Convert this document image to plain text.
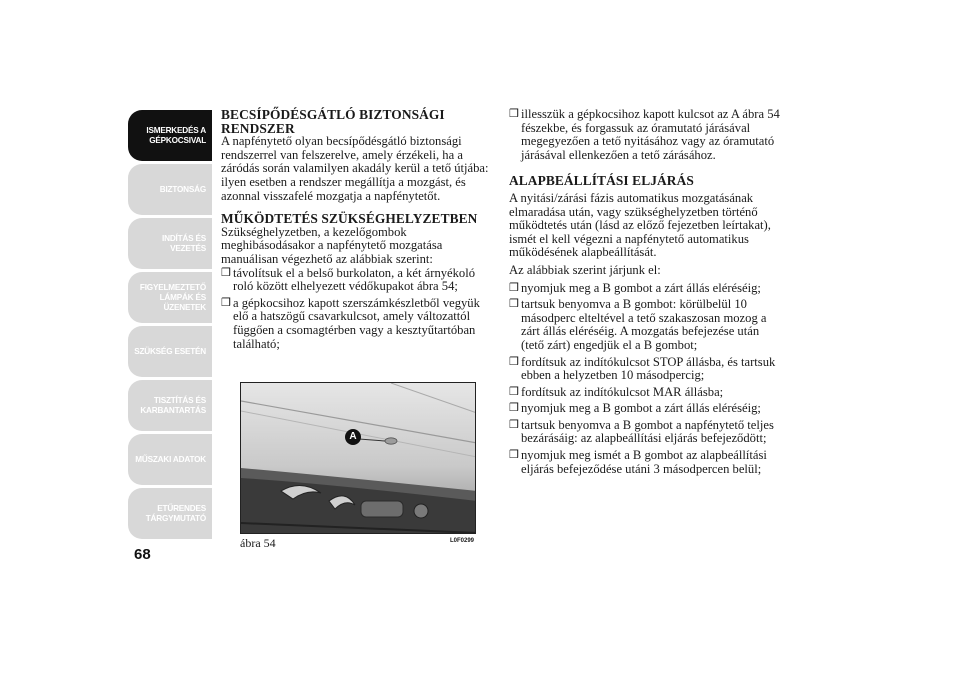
ISMERKEDÉS A
GÉPKOCSIVAL
BIZTONSÁG
INDÍTÁS ÉS
VEZETÉS
FIGYELMEZTETŐ
LÁMPÁK ÉS
ÜZENETEK
SZÜKSÉG ESETÉN
TISZTÍTÁS ÉS
KARBANTARTÁS
MŰSZAKI ADATOK
ETŰRENDES
TÁRGYMUTATÓ
68
BECSÍPŐDÉSGÁTLÓ BIZTONSÁGI RENDSZER

A napfénytető olyan becsípődésgátló biztonsági rendszerrel van felszerelve, amely érzékeli, ha a záródás során valamilyen akadály kerül a tető útjába: ilyen esetben a rendszer megállítja a mozgást, és azonnal visszafelé mozgatja a napfénytetőt.

MŰKÖDTETÉS SZÜKSÉGHELYZETBEN

Szükséghelyzetben, a kezelőgombok meghibásodásakor a napfénytető mozgatása manuálisan végezhető az alábbiak szerint:

❒ távolítsuk el a belső burkolaton, a két árnyékoló roló között elhelyezett védőkupakot ábra 54;
❒ a gépkocsihoz kapott szerszámkészletből vegyük elő a hatszögű csavarkulcsot, amely változattól függően a csomagtérben vagy a kesztyűtartóban található;
A
ábra 54	L0F0299
❒ illesszük a gépkocsihoz kapott kulcsot az A ábra 54 fészekbe, és forgassuk az óramutató járásával megegyezően a tető nyitásához vagy az óramutató járásával ellenkezően a tető zárásához.
ALAPBEÁLLÍTÁSI ELJÁRÁS

A nyitási/zárási fázis automatikus mozgatásának elmaradása után, vagy szükséghelyzetben történő működtetés után (lásd az előző fejezetben leírtakat), ismét el kell végezni a napfénytető automatikus működésének alapbeállítását.

Az alábbiak szerint járjunk el:

❒ nyomjuk meg a B gombot a zárt állás eléréséig;
❒ tartsuk benyomva a B gombot: körülbelül 10 másodperc elteltével a tető szakaszosan mozog a zárt állás eléréséig. A mozgatás befejezése után (tető zárt) engedjük el a B gombot;
❒ fordítsuk az indítókulcsot STOP állásba, és tartsuk ebben a helyzetben 10 másodpercig;
❒ fordítsuk az indítókulcsot MAR állásba;
❒ nyomjuk meg a B gombot a zárt állás eléréséig;
❒ tartsuk benyomva a B gombot a napfénytető teljes bezárásáig: az alapbeállítási eljárás befejeződött;
❒ nyomjuk meg ismét a B gombot az alapbeállítási eljárás befejeződése utáni 3 másodpercen belül;
